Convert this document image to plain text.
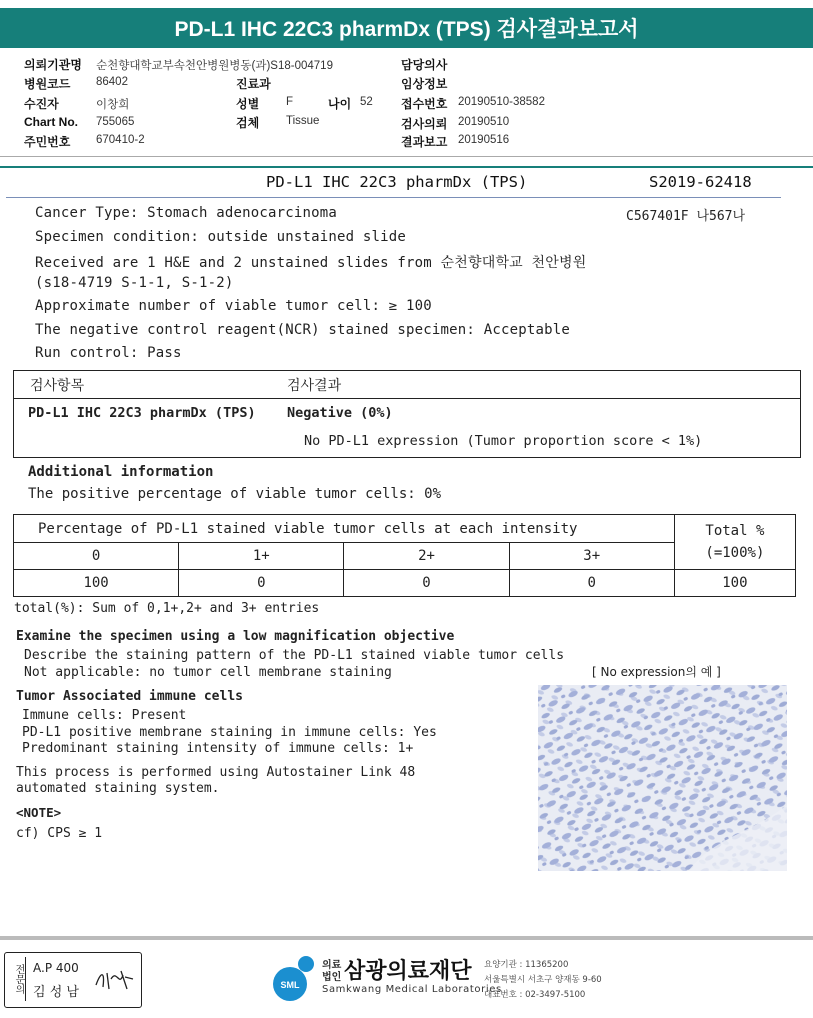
PD-L1 IHC 22C3 pharmDx (TPS) 검사결과보고서
의뢰기관명 순천향대학교부속천안병원병동(과)S18-004719
병원코드 86402
수진자	이창희
Chart No. 755065
주민번호 670410-2
진료과
성별 F	나이 52
검체 Tissue
담당의사
임상정보
접수번호 20190510-38582
검사의뢰 20190510
결과보고 20190516
PD-L1 IHC 22C3 pharmDx (TPS)	S2019-62418
C567401F 나567나
Cancer Type: Stomach adenocarcinoma
Specimen condition: outside unstained slide
Received are 1 H&E and 2 unstained slides from 순천향대학교 천안병원
(s18-4719 S-1-1, S-1-2)
Approximate number of viable tumor cell: ≥ 100
The negative control reagent(NCR) stained specimen: Acceptable
Run control: Pass
검사항목	검사결과
PD-L1 IHC 22C3 pharmDx (TPS) Negative (0%)
No PD-L1 expression (Tumor proportion score < 1%)
Additional information
The positive percentage of viable tumor cells: 0%
Percentage of PD-L1 stained viable tumor cells at each intensity				Total %
(=100%)

0	1+	2+	3+	
100	0	0	0	100
total(%): Sum of 0,1+,2+ and 3+ entries
Examine the specimen using a low magnification objective
Describe the staining pattern of the PD-L1 stained viable tumor cells
Not applicable: no tumor cell membrane staining	[ No expression의 예 ]
Tumor Associated immune cells
Immune cells: Present
PD-L1 positive membrane staining in immune cells: Yes
Predominant staining intensity of immune cells: 1+
This process is performed using Autostainer Link 48
automated staining system.
<NOTE>
cf) CPS ≥ 1
전문의 A.P 400
김 성 남	SML
의료
법인 삼광의료재단
Samkwang Medical Laboratories
요양기관 : 11365200
서울특별시 서초구 양재동 9-60
대표번호 : 02-3497-5100
